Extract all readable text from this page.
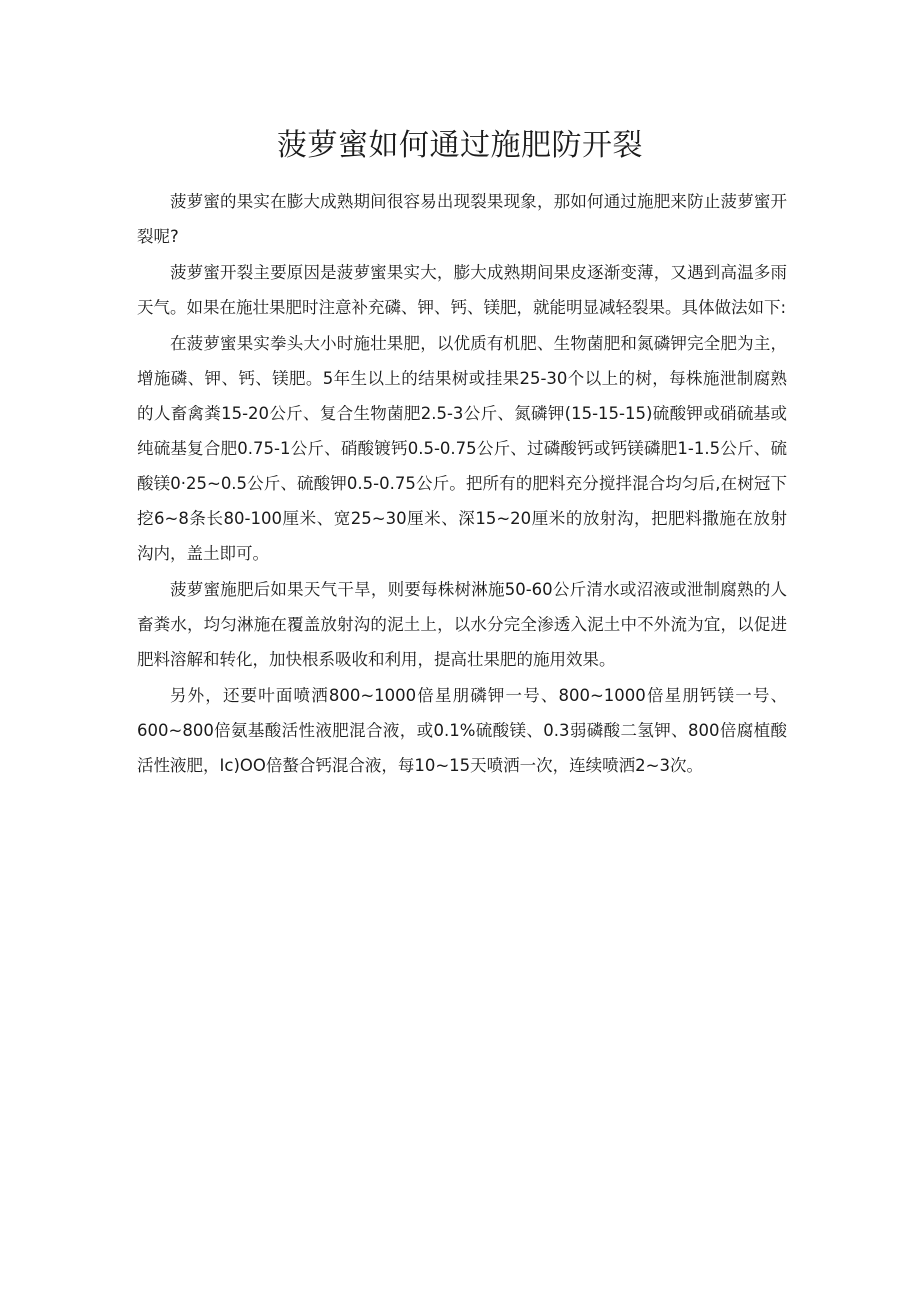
菠萝蜜如何通过施肥防开裂

菠萝蜜的果实在膨大成熟期间很容易出现裂果现象，那如何通过施肥来防止菠萝蜜开裂呢?

菠萝蜜开裂主要原因是菠萝蜜果实大，膨大成熟期间果皮逐渐变薄，又遇到高温多雨天气。如果在施壮果肥时注意补充磷、钾、钙、镁肥，就能明显减轻裂果。具体做法如下:

在菠萝蜜果实拳头大小时施壮果肥，以优质有机肥、生物菌肥和氮磷钾完全肥为主，增施磷、钾、钙、镁肥。5年生以上的结果树或挂果25-30个以上的树，每株施泄制腐熟的人畜禽粪15-20公斤、复合生物菌肥2.5-3公斤、氮磷钾(15-15-15)硫酸钾或硝硫基或纯硫基复合肥0.75-1公斤、硝酸镀钙0.5-0.75公斤、过磷酸钙或钙镁磷肥1-1.5公斤、硫酸镁0·25~0.5公斤、硫酸钾0.5-0.75公斤。把所有的肥料充分搅拌混合均匀后,在树冠下挖6~8条长80-100厘米、宽25~30厘米、深15~20厘米的放射沟，把肥料撒施在放射沟内，盖土即可。

菠萝蜜施肥后如果天气干旱，则要每株树淋施50-60公斤清水或沼液或泄制腐熟的人畜粪水，均匀淋施在覆盖放射沟的泥土上，以水分完全渗透入泥土中不外流为宜，以促进肥料溶解和转化，加快根系吸收和利用，提高壮果肥的施用效果。

另外，还要叶面喷洒800~1000倍星朋磷钾一号、800~1000倍星朋钙镁一号、600~800倍氨基酸活性液肥混合液，或0.1%硫酸镁、0.3弱磷酸二氢钾、800倍腐植酸活性液肥，Ic)OO倍螯合钙混合液，每10~15天喷洒一次，连续喷洒2~3次。
